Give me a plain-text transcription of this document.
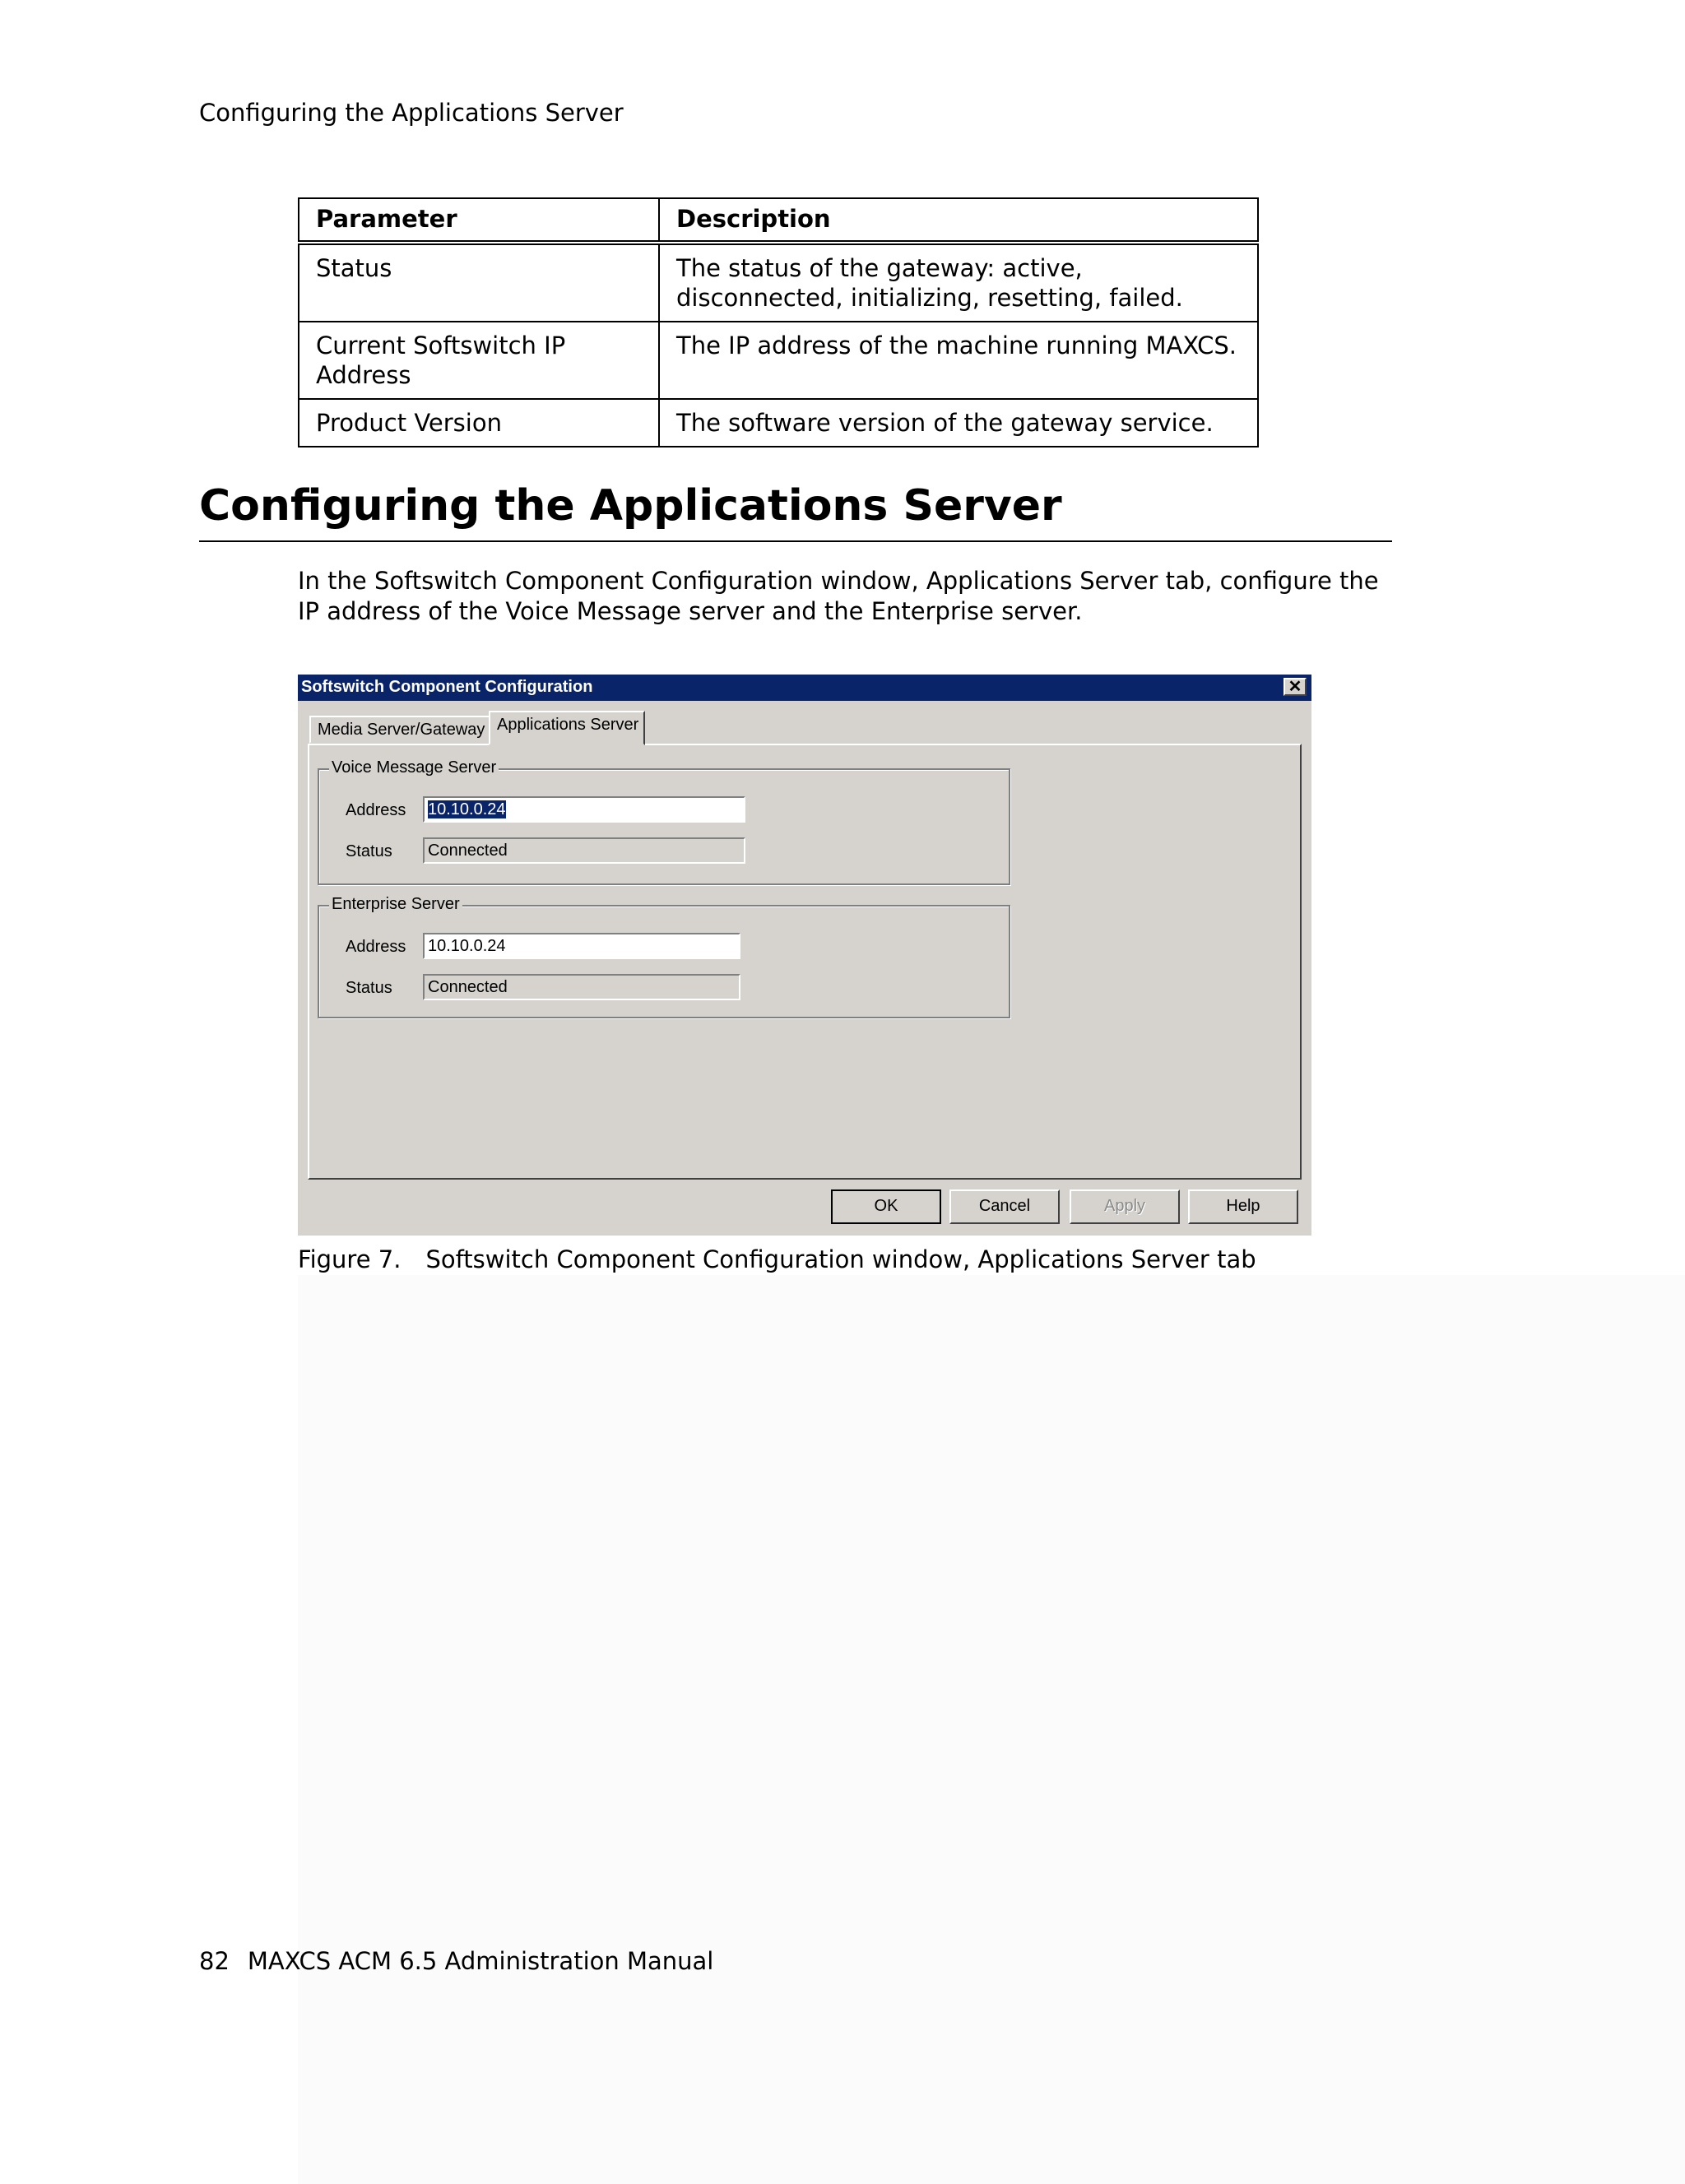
Configuring the Applications Server
Parameter	Description
Status	The status of the gateway: active, disconnected, initializing, resetting, failed.
Current Softswitch IP Address	The IP address of the machine running MAXCS.
Product Version	The software version of the gateway service.
Configuring the Applications Server

In the Softswitch Component Configuration window, Applications Server tab, configure the IP address of the Voice Message server and the Enterprise server.

Softswitch Component Configuration	✕
Media Server/Gateway Applications Server
Voice Message Server
Address	10.10.0.24
Status	Connected
Enterprise Server
Address	10.10.0.24
Status	Connected
OK	Cancel	Apply	Help
Figure 7. Softswitch Component Configuration window, Applications Server tab
82 MAXCS ACM 6.5 Administration Manual
